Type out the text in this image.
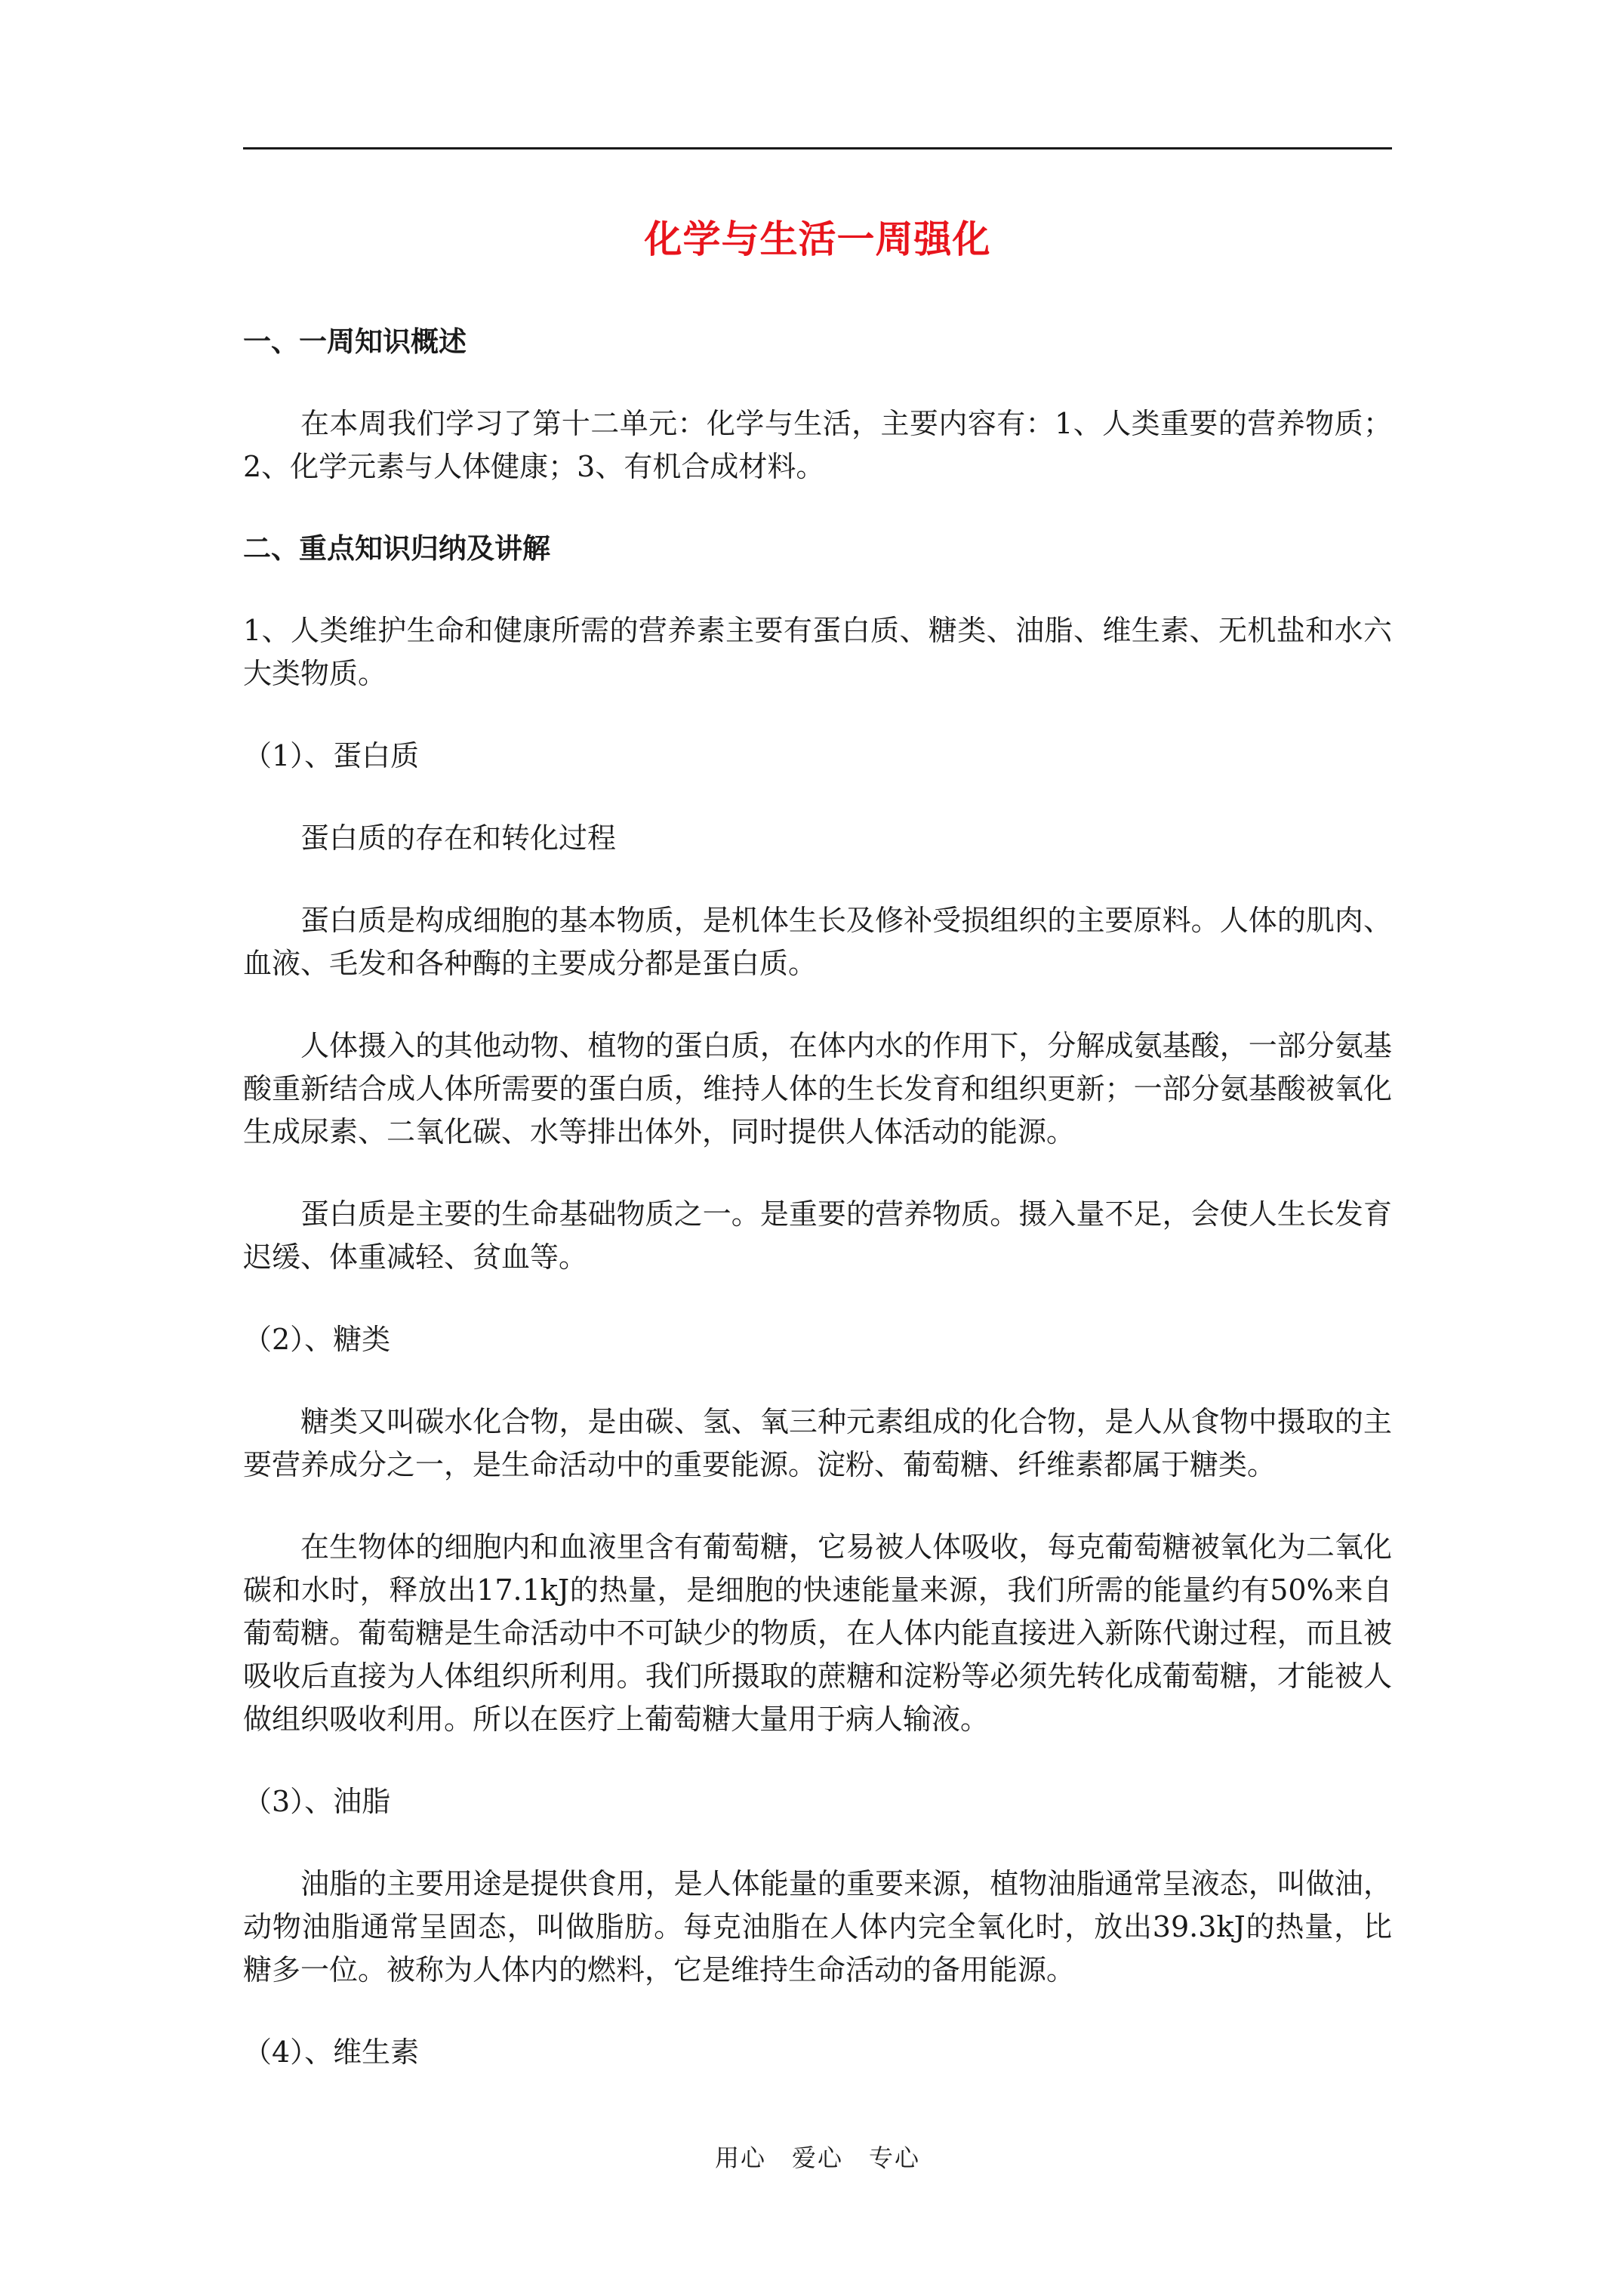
化学与生活一周强化
一、一周知识概述
在本周我们学习了第十二单元：化学与生活，主要内容有：1、人类重要的营养物质；2、化学元素与人体健康；3、有机合成材料。
二、重点知识归纳及讲解
1、人类维护生命和健康所需的营养素主要有蛋白质、糖类、油脂、维生素、无机盐和水六大类物质。
（1）、蛋白质
蛋白质的存在和转化过程
蛋白质是构成细胞的基本物质，是机体生长及修补受损组织的主要原料。人体的肌肉、血液、毛发和各种酶的主要成分都是蛋白质。
人体摄入的其他动物、植物的蛋白质，在体内水的作用下，分解成氨基酸，一部分氨基酸重新结合成人体所需要的蛋白质，维持人体的生长发育和组织更新；一部分氨基酸被氧化生成尿素、二氧化碳、水等排出体外，同时提供人体活动的能源。
蛋白质是主要的生命基础物质之一。是重要的营养物质。摄入量不足，会使人生长发育迟缓、体重减轻、贫血等。
（2）、糖类
糖类又叫碳水化合物，是由碳、氢、氧三种元素组成的化合物，是人从食物中摄取的主要营养成分之一，是生命活动中的重要能源。淀粉、葡萄糖、纤维素都属于糖类。
在生物体的细胞内和血液里含有葡萄糖，它易被人体吸收，每克葡萄糖被氧化为二氧化碳和水时，释放出17.1kJ的热量，是细胞的快速能量来源，我们所需的能量约有50%来自葡萄糖。葡萄糖是生命活动中不可缺少的物质，在人体内能直接进入新陈代谢过程，而且被吸收后直接为人体组织所利用。我们所摄取的蔗糖和淀粉等必须先转化成葡萄糖，才能被人做组织吸收利用。所以在医疗上葡萄糖大量用于病人输液。
（3）、油脂
油脂的主要用途是提供食用，是人体能量的重要来源，植物油脂通常呈液态，叫做油，动物油脂通常呈固态，叫做脂肪。每克油脂在人体内完全氧化时，放出39.3kJ的热量，比糖多一位。被称为人体内的燃料，它是维持生命活动的备用能源。
（4）、维生素
用心　爱心　专心
